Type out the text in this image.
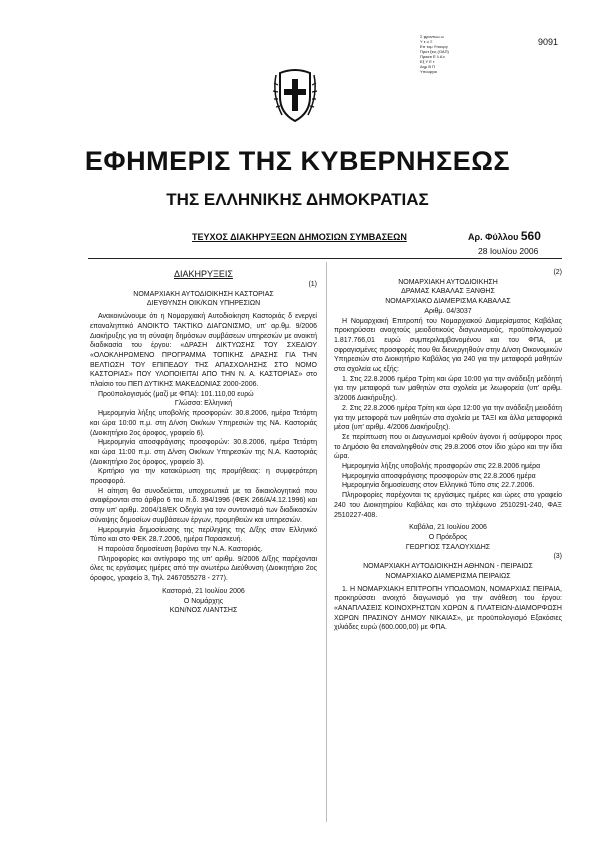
Σ φροντυω ω
Υ ε υ Ξ
Επ τομ Υπουργ
Προτ ξεις (ΟΑΠ)
Πρακτι Ε λ Α ε
Εξ Υ Ε τ
Δημ Β Π
Υπουργοι
9091
ΕΦΗΜΕΡΙΣ ΤΗΣ ΚΥΒΕΡΝΗΣΕΩΣ
ΤΗΣ ΕΛΛΗΝΙΚΗΣ ΔΗΜΟΚΡΑΤΙΑΣ
ΤΕΥΧΟΣ ΔΙΑΚΗΡΥΞΕΩΝ ΔΗΜΟΣΙΩΝ ΣΥΜΒΑΣΕΩΝ	Αρ. Φύλλου 560
28 Ιουλίου 2006
ΔΙΑΚΗΡΥΞΕΙΣ
(1)

ΝΟΜΑΡΧΙΑΚΗ ΑΥΤΟΔΙΟΙΚΗΣΗ ΚΑΣΤΟΡΙΑΣ

ΔΙΕΥΘΥΝΣΗ ΟΙΚ/ΚΩΝ ΥΠΗΡΕΣΙΩΝ

Ανακοινώνουμε ότι η Νομαρχιακή Αυτοδιοίκηση Καστοριάς δ ενεργεί επαναληπτικό ΑΝΟΙΚΤΟ ΤΑΚΤΙΚΟ ΔΙΑΓΩΝΙΣΜΟ, υπ' αρ.θμ. 9/2006 Διακήρυξης για τη σύναψη δημόσιων συμβάσεων υπηρεσιών με ανοικτή διαδικασία του έργου: «ΔΡΑΣΗ ΔΙΚΤΥΩΣΗΣ ΤΟΥ ΣΧΕΔΙΟΥ «ΟΛΟΚΛΗΡΩΜΕΝΟ ΠΡΟΓΡΑΜΜΑ ΤΟΠΙΚΗΣ ΔΡΑΣΗΣ ΓΙΑ ΤΗΝ ΒΕΛΤΙΩΣΗ ΤΟΥ ΕΠΙΠΕΔΟΥ ΤΗΣ ΑΠΑΣΧΟΛΗΣΗΣ ΣΤΟ ΝΟΜΟ ΚΑΣΤΟΡΙΑΣ» ΠΟΥ ΥΛΟΠΟΙΕΙΤΑΙ ΑΠΟ ΤΗΝ Ν. Α. ΚΑΣΤΟΡΙΑΣ» στο πλαίσιο του ΠΕΠ ΔΥΤΙΚΗΣ ΜΑΚΕΔΟΝΙΑΣ 2000-2006.

Προϋπολογισμός (μαζί με ΦΠΑ): 101.110,00 ευρώ

Γλώσσα: Ελληνική

Ημερομηνία λήξης υποβολής προσφορών: 30.8.2006, ημέρα Τετάρτη και ώρα 10:00 π.μ. στη Δ/νση Οικ/κων Υπηρεσιών της ΝΑ. Καστοριάς (Διοικητήριο 2ος όροφος, γραφείο 6).

Ημερομηνία αποσφράγισης προσφορών: 30.8.2006, ημέρα Τετάρτη και ώρα 11:00 π.μ. στη Δ/νση Οικ/κων Υπηρεσιών της Ν.Α. Καστοριάς (Διοικητήριο 2ος όροφος, γραφείο 3).

Κριτήριο για την κατακύρωση της προμήθειας: η συμφερότερη προσφορά.

Η αίτηση θα συνοδεύεται, υποχρεωτικά με τα δικαιολογητικά που αναφέρονται στο άρθρο 6 του π.δ. 394/1996 (ΦΕΚ 266/Α/4.12.1996) και στην υπ' αριθμ. 2004/18/ΕΚ Οδηγία για τον συντονισμό των διαδικασιών σύναψης δημοσίων συμβάσεων έργων, προμηθειών και υπηρεσιών.

Ημερομηνία δημοσίευσης της περίληψης της Δ/ξης στον Ελληνικό Τύπο και στο ΦΕΚ 28.7.2006, ημέρα Παρασκευή.

Η παρούσα δημοσίευση βαρύνει την Ν.Α. Καστοριάς.

Πληροφορίες και αντίγραφο της υπ' αριθμ. 9/2006 Δ/ξης παρέχονται όλες τις εργάσιμες ημέρες από την ανωτέρω Διεύθυνση (Διοικητήριο 2ος όροφος, γραφείο 3, Τηλ. 2467055278 - 277).

Καστοριά, 21 Ιουλίου 2006

Ο Νομάρχης

ΚΩΝ/ΝΟΣ ΛΙΑΝΤΣΗΣ

(2)

ΝΟΜΑΡΧΙΑΚΗ ΑΥΤΟΔΙΟΙΚΗΣΗ

ΔΡΑΜΑΣ ΚΑΒΑΛΑΣ ΞΑΝΘΗΣ

ΝΟΜΑΡΧΙΑΚΟ ΔΙΑΜΕΡΙΣΜΑ ΚΑΒΑΛΑΣ

Αριθμ. 04/3037

Η Νομαρχιακή Επιτροπή του Νομαρχιακού Διαμερίσματος Καβάλας προκηρύσσει ανοιχτούς μειοδοτικούς διαγωνισμούς, προϋπολογισμού 1.817.766,01 ευρώ συμπεριλαμβανομένου και του ΦΠΑ, με σφραγισμένες προσφορές που θα διενεργηθούν στην Δ/νση Οικονομικών Υπηρεσιών στο Διοικητήριο Καβάλας για 240 για την μεταφορά μαθητών στα σχολεία ως εξής:

1. Στις 22.8.2006 ημέρα Τρίτη και ώρα 10:00 για την ανάδειξη μεδόητή για την μεταφορά των μαθητών στα σχολεία με λεωφορεία (υπ' αριθμ. 3/2006 Διακήρυξης).

2. Στις 22.8.2006 ημέρα Τρίτη και ώρα 12:00 για την ανάδειξη μειοδότη για την μεταφορά των μαθητών στα σχολεία με ΤΑΞΙ και άλλα μεταφορικά μέσα (υπ' αριθμ. 4/2006 Διακήρυξης).

Σε περίπτωση που οι Διαγωνισμοί κριθούν άγονοι ή ασύμφοροι προς το Δημόσιο θα επαναληφθούν στις 29.8.2006 στον ίδιο χώρο και την ίδια ώρα.

Ημερομηνία λήξης υποβολής προσφορών στις 22.8.2006 ημέρα

Ημερομηνία αποσφράγισης προσφορών στις 22.8.2006 ημέρα

Ημερομηνία δημοσίευσης στον Ελληνικό Τύπο στις 22.7.2006.

Πληροφορίες παρέχονται τις εργάσιμες ημέρες και ώρες στο γραφείο 240 του Διοικητηρίου Καβάλας και στο τηλέφωνο 2510291-240, ΦΑΞ 2510227-408.

Καβάλα, 21 Ιουλίου 2006

Ο Πρόεδρος

ΓΕΩΡΓΙΟΣ ΤΣΑΛΟΥΧΙΔΗΣ

(3)

ΝΟΜΑΡΧΙΑΚΗ ΑΥΤΟΔΙΟΙΚΗΣΗ ΑΘΗΝΩΝ - ΠΕΙΡΑΙΩΣ

ΝΟΜΑΡΧΙΑΚΟ ΔΙΑΜΕΡΙΣΜΑ ΠΕΙΡΑΙΩΣ

1. Η ΝΟΜΑΡΧΙΑΚΗ ΕΠΙΤΡΟΠΗ ΥΠΟΔΟΜΩΝ, ΝΟΜΑΡΧΙΑΣ ΠΕΙΡΑΙΑ, προκηρύσσει ανοιχτό διαγωνισμό για την ανάθεση του έργου: «ΑΝΑΠΛΑΣΕΙΣ ΚΟΙΝΟΧΡΗΣΤΩΝ ΧΩΡΩΝ & ΠΛΑΤΕΙΩΝ-ΔΙΑΜΟΡΦΩΣΗ ΧΩΡΩΝ ΠΡΑΣΙΝΟΥ ΔΗΜΟΥ ΝΙΚΑΙΑΣ», με προϋπολογισμό Εξακόσιες χιλιάδες ευρώ (600.000,00) με ΦΠΑ.
